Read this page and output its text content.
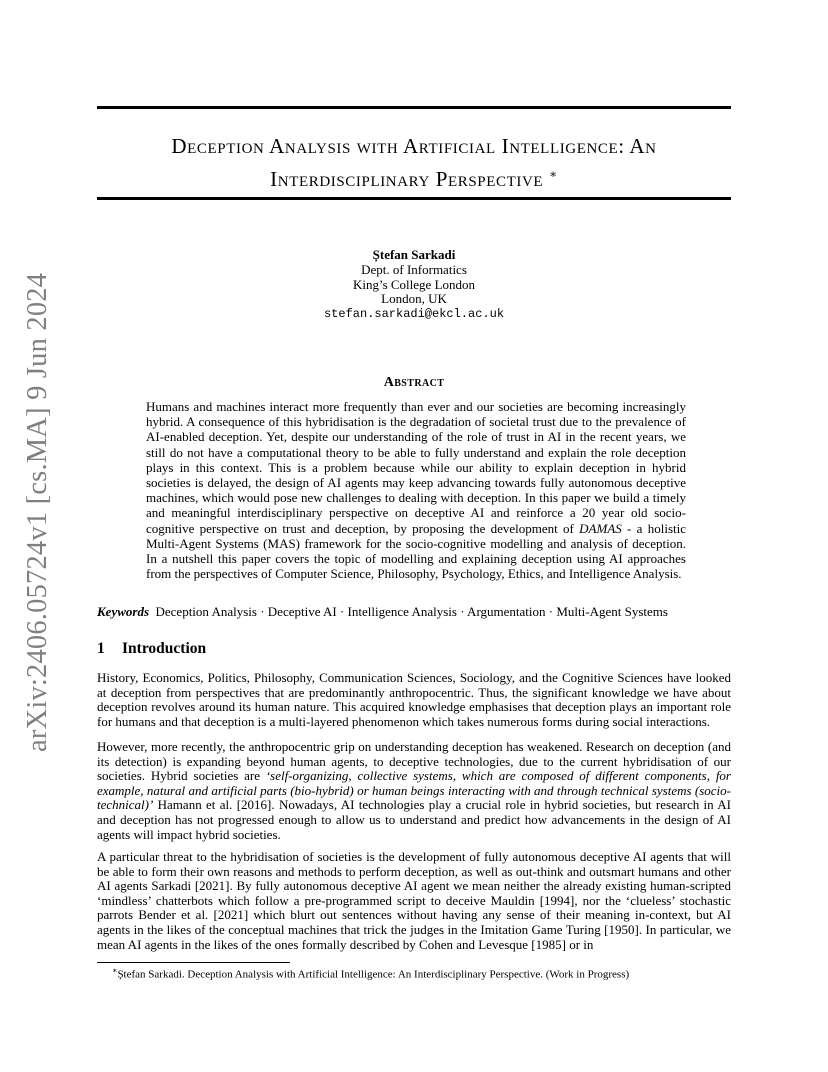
arXiv:2406.05724v1 [cs.MA] 9 Jun 2024
Deception Analysis with Artificial Intelligence: An
Interdisciplinary Perspective ∗
Ștefan Sarkadi
Dept. of Informatics
King’s College London
London, UK
stefan.sarkadi@ekcl.ac.uk
Abstract
Humans and machines interact more frequently than ever and our societies are becoming increasingly hybrid. A consequence of this hybridisation is the degradation of societal trust due to the prevalence of AI-enabled deception. Yet, despite our understanding of the role of trust in AI in the recent years, we still do not have a computational theory to be able to fully understand and explain the role deception plays in this context. This is a problem because while our ability to explain deception in hybrid societies is delayed, the design of AI agents may keep advancing towards fully autonomous deceptive machines, which would pose new challenges to dealing with deception. In this paper we build a timely and meaningful interdisciplinary perspective on deceptive AI and reinforce a 20 year old socio-cognitive perspective on trust and deception, by proposing the development of DAMAS - a holistic Multi-Agent Systems (MAS) framework for the socio-cognitive modelling and analysis of deception. In a nutshell this paper covers the topic of modelling and explaining deception using AI approaches from the perspectives of Computer Science, Philosophy, Psychology, Ethics, and Intelligence Analysis.
Keywords Deception Analysis · Deceptive AI · Intelligence Analysis · Argumentation · Multi-Agent Systems
1 Introduction
History, Economics, Politics, Philosophy, Communication Sciences, Sociology, and the Cognitive Sciences have looked at deception from perspectives that are predominantly anthropocentric. Thus, the significant knowledge we have about deception revolves around its human nature. This acquired knowledge emphasises that deception plays an important role for humans and that deception is a multi-layered phenomenon which takes numerous forms during social interactions.
However, more recently, the anthropocentric grip on understanding deception has weakened. Research on deception (and its detection) is expanding beyond human agents, to deceptive technologies, due to the current hybridisation of our societies. Hybrid societies are ‘self-organizing, collective systems, which are composed of different components, for example, natural and artificial parts (bio-hybrid) or human beings interacting with and through technical systems (socio-technical)’ Hamann et al. [2016]. Nowadays, AI technologies play a crucial role in hybrid societies, but research in AI and deception has not progressed enough to allow us to understand and predict how advancements in the design of AI agents will impact hybrid societies.
A particular threat to the hybridisation of societies is the development of fully autonomous deceptive AI agents that will be able to form their own reasons and methods to perform deception, as well as out-think and outsmart humans and other AI agents Sarkadi [2021]. By fully autonomous deceptive AI agent we mean neither the already existing human-scripted ‘mindless’ chatterbots which follow a pre-programmed script to deceive Mauldin [1994], nor the ‘clueless’ stochastic parrots Bender et al. [2021] which blurt out sentences without having any sense of their meaning in-context, but AI agents in the likes of the conceptual machines that trick the judges in the Imitation Game Turing [1950]. In particular, we mean AI agents in the likes of the ones formally described by Cohen and Levesque [1985] or in
∗Ștefan Sarkadi. Deception Analysis with Artificial Intelligence: An Interdisciplinary Perspective. (Work in Progress)
